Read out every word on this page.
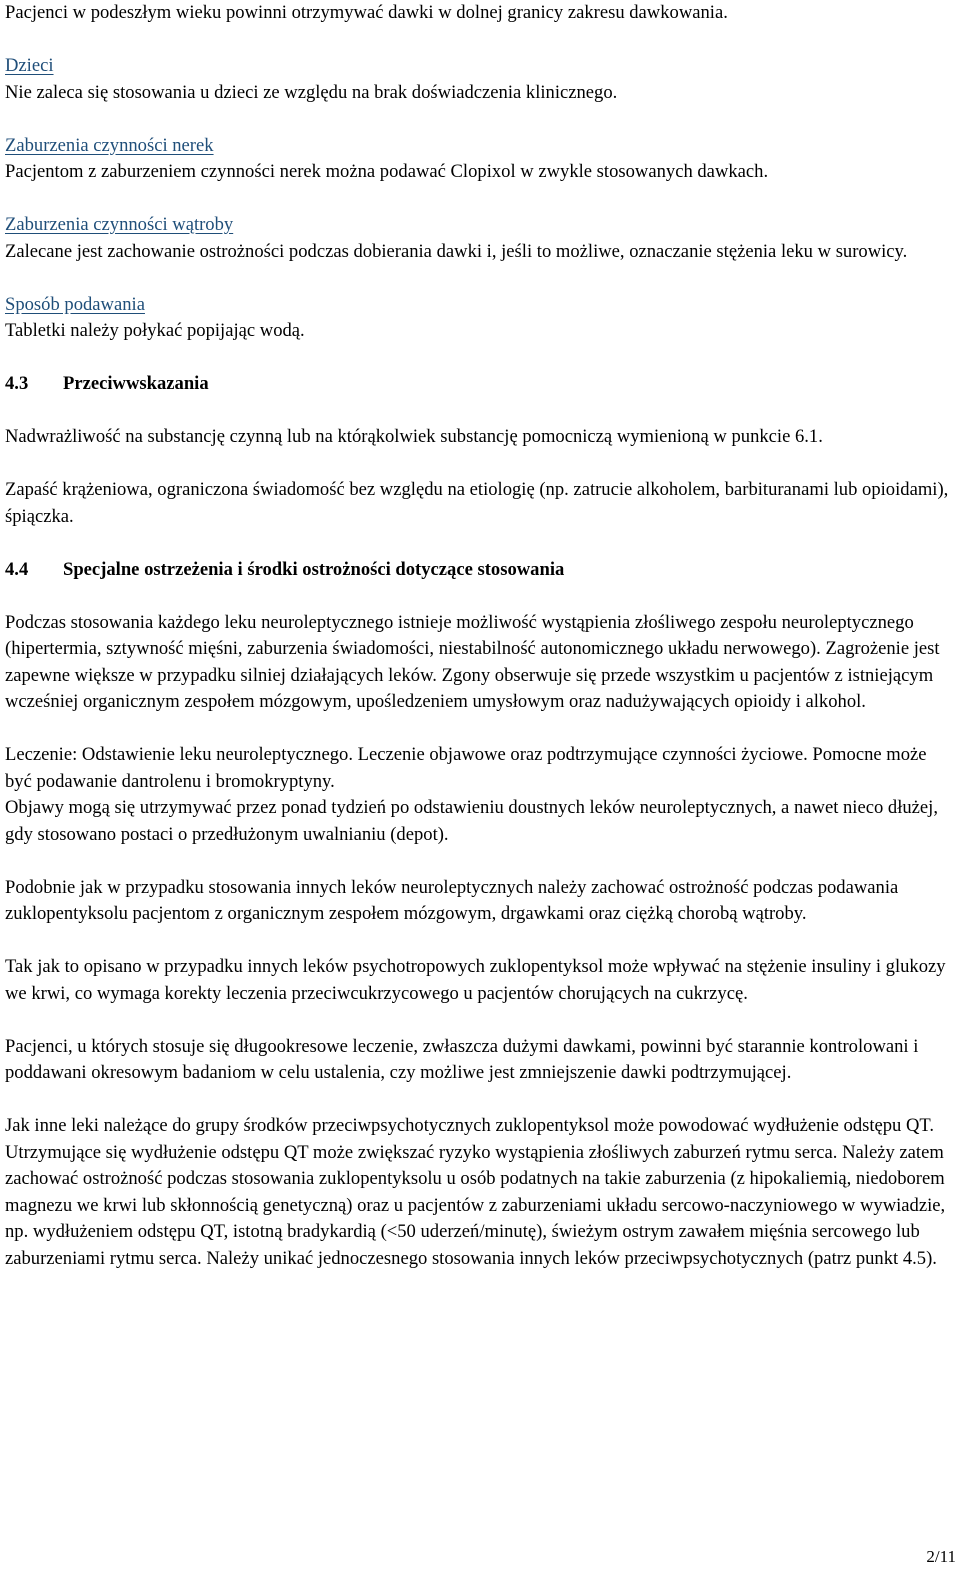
Pacjenci w podeszłym wieku powinni otrzymywać dawki w dolnej granicy zakresu dawkowania.

Dzieci

Nie zaleca się stosowania u dzieci ze względu na brak doświadczenia klinicznego.

Zaburzenia czynności nerek

Pacjentom z zaburzeniem czynności nerek można podawać Clopixol w zwykle stosowanych dawkach.

Zaburzenia czynności wątroby

Zalecane jest zachowanie ostrożności podczas dobierania dawki i, jeśli to możliwe, oznaczanie stężenia leku w surowicy.

Sposób podawania

Tabletki należy połykać popijając wodą.

4.3 Przeciwwskazania

Nadwrażliwość na substancję czynną lub na którąkolwiek substancję pomocniczą wymienioną w punkcie 6.1.

Zapaść krążeniowa, ograniczona świadomość bez względu na etiologię (np. zatrucie alkoholem, barbituranami lub opioidami), śpiączka.

4.4 Specjalne ostrzeżenia i środki ostrożności dotyczące stosowania

Podczas stosowania każdego leku neuroleptycznego istnieje możliwość wystąpienia złośliwego zespołu neuroleptycznego (hipertermia, sztywność mięśni, zaburzenia świadomości, niestabilność autonomicznego układu nerwowego). Zagrożenie jest zapewne większe w przypadku silniej działających leków. Zgony obserwuje się przede wszystkim u pacjentów z istniejącym wcześniej organicznym zespołem mózgowym, upośledzeniem umysłowym oraz nadużywających opioidy i alkohol.

Leczenie: Odstawienie leku neuroleptycznego. Leczenie objawowe oraz podtrzymujące czynności życiowe. Pomocne może być podawanie dantrolenu i bromokryptyny.

Objawy mogą się utrzymywać przez ponad tydzień po odstawieniu doustnych leków neuroleptycznych, a nawet nieco dłużej, gdy stosowano postaci o przedłużonym uwalnianiu (depot).

Podobnie jak w przypadku stosowania innych leków neuroleptycznych należy zachować ostrożność podczas podawania zuklopentyksolu pacjentom z organicznym zespołem mózgowym, drgawkami oraz ciężką chorobą wątroby.

Tak jak to opisano w przypadku innych leków psychotropowych zuklopentyksol może wpływać na stężenie insuliny i glukozy we krwi, co wymaga korekty leczenia przeciwcukrzycowego u pacjentów chorujących na cukrzycę.

Pacjenci, u których stosuje się długookresowe leczenie, zwłaszcza dużymi dawkami, powinni być starannie kontrolowani i poddawani okresowym badaniom w celu ustalenia, czy możliwe jest zmniejszenie dawki podtrzymującej.

Jak inne leki należące do grupy środków przeciwpsychotycznych zuklopentyksol może powodować wydłużenie odstępu QT. Utrzymujące się wydłużenie odstępu QT może zwiększać ryzyko wystąpienia złośliwych zaburzeń rytmu serca. Należy zatem zachować ostrożność podczas stosowania zuklopentyksolu u osób podatnych na takie zaburzenia (z hipokaliemią, niedoborem magnezu we krwi lub skłonnością genetyczną) oraz u pacjentów z zaburzeniami układu sercowo-naczyniowego w wywiadzie, np. wydłużeniem odstępu QT, istotną bradykardią (<50 uderzeń/minutę), świeżym ostrym zawałem mięśnia sercowego lub zaburzeniami rytmu serca. Należy unikać jednoczesnego stosowania innych leków przeciwpsychotycznych (patrz punkt 4.5).

2/11
